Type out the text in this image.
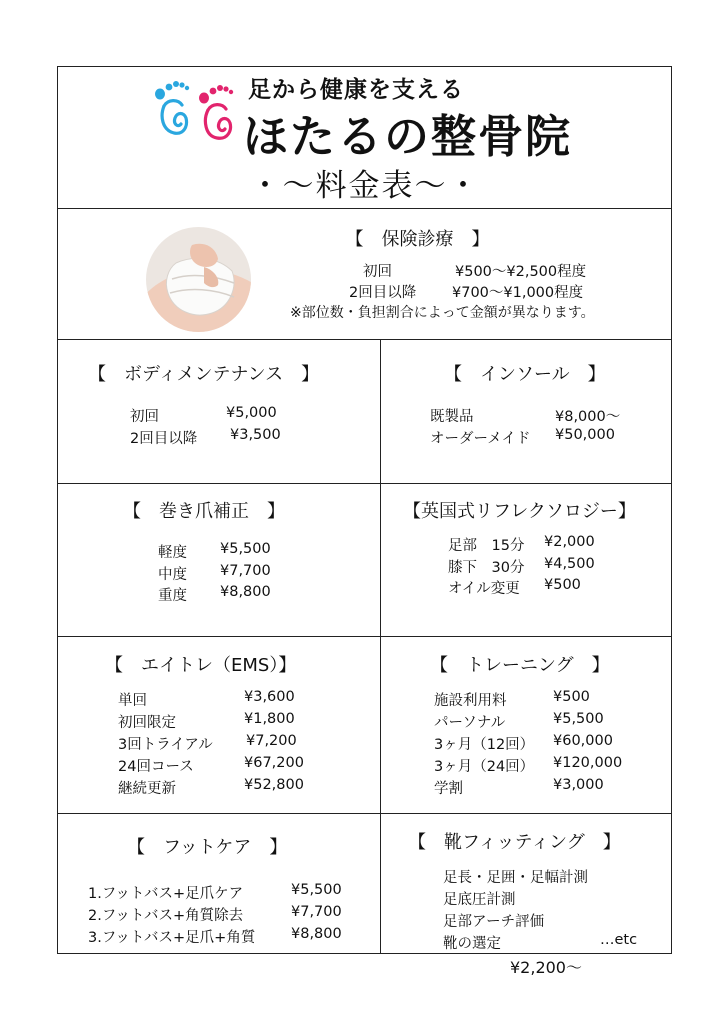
足から健康を支える
ほたるの整骨院
・〜料金表〜・
【　保険診療　】
初回	¥500〜¥2,500程度
2回目以降 ¥700〜¥1,000程度
※部位数・負担割合によって金額が異なります。
【　ボディメンテナンス　】
初回	¥5,000
2回目以降 ¥3,500
【　インソール　】
既製品	¥8,000〜
オーダーメイド ¥50,000
【　巻き爪補正　】
軽度 ¥5,500
中度 ¥7,700
重度 ¥8,800
【英国式リフレクソロジー】
足部　15分 ¥2,000
膝下　30分 ¥4,500
オイル変更 ¥500
【　エイトレ（EMS）】
単回	¥3,600
初回限定	¥1,800
3回トライアル ¥7,200
24回コース	¥67,200
継続更新	¥52,800
【　トレーニング　】
施設利用料	¥500
パーソナル	¥5,500
3ヶ月（12回） ¥60,000
3ヶ月（24回） ¥120,000
学割	¥3,000
【　フットケア　】
1.フットバス+足爪ケア	¥5,500
2.フットバス+角質除去	¥7,700
3.フットバス+足爪+角質 ¥8,800
【　靴フィッティング　】
足長・足囲・足幅計測
足底圧計測
足部アーチ評価
靴の選定	…etc
¥2,200〜
